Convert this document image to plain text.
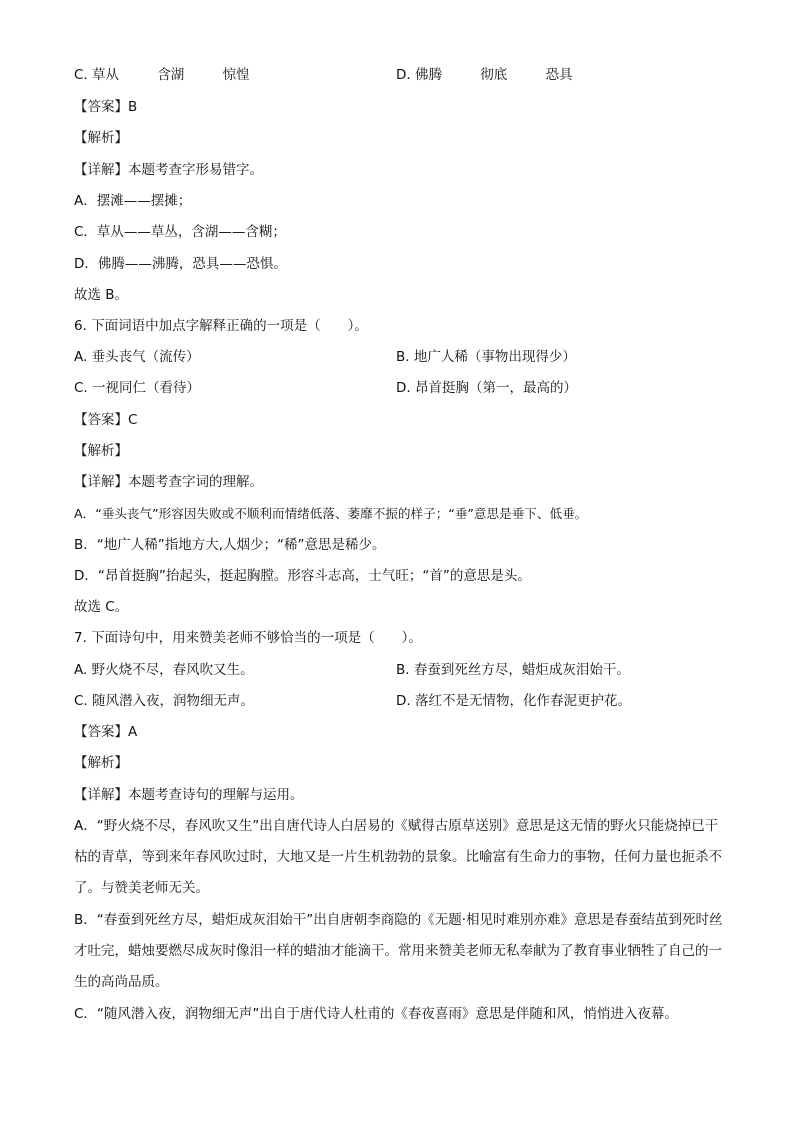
C. 草从	含湖	惊惶	D. 佛腾	彻底	恐具
【答案】B
【解析】
【详解】本题考查字形易错字。
A．摆滩——摆摊；
C．草从——草丛，含湖——含糊；
D．佛腾——沸腾，恐具——恐惧。
故选 B。
6. 下面词语中加点字解释正确的一项是（　　）。
A. 垂头丧气（流传）	B. 地广人稀（事物出现得少）
C. 一视同仁（看待）	D. 昂首挺胸（第一，最高的）
【答案】C
【解析】
【详解】本题考查字词的理解。
A．“垂头丧气”形容因失败或不顺利而情绪低落、萎靡不振的样子；“垂”意思是垂下、低垂。
B．“地广人稀”指地方大,人烟少；“稀”意思是稀少。
D．“昂首挺胸”抬起头，挺起胸膛。形容斗志高，士气旺；“首”的意思是头。
故选 C。
7. 下面诗句中，用来赞美老师不够恰当的一项是（　　）。
A. 野火烧不尽，春风吹又生。	B. 春蚕到死丝方尽，蜡炬成灰泪始干。
C. 随风潜入夜，润物细无声。	D. 落红不是无情物，化作春泥更护花。
【答案】A
【解析】
【详解】本题考查诗句的理解与运用。
A．“野火烧不尽，春风吹又生”出自唐代诗人白居易的《赋得古原草送别》意思是这无情的野火只能烧掉已干枯的青草，等到来年春风吹过时，大地又是一片生机勃勃的景象。比喻富有生命力的事物，任何力量也扼杀不了。与赞美老师无关。
B．“春蚕到死丝方尽，蜡炬成灰泪始干”出自唐朝李商隐的《无题·相见时难别亦难》意思是春蚕结茧到死时丝才吐完，蜡烛要燃尽成灰时像泪一样的蜡油才能滴干。常用来赞美老师无私奉献为了教育事业牺牲了自己的一生的高尚品质。
C．“随风潜入夜，润物细无声”出自于唐代诗人杜甫的《春夜喜雨》意思是伴随和风，悄悄进入夜幕。
